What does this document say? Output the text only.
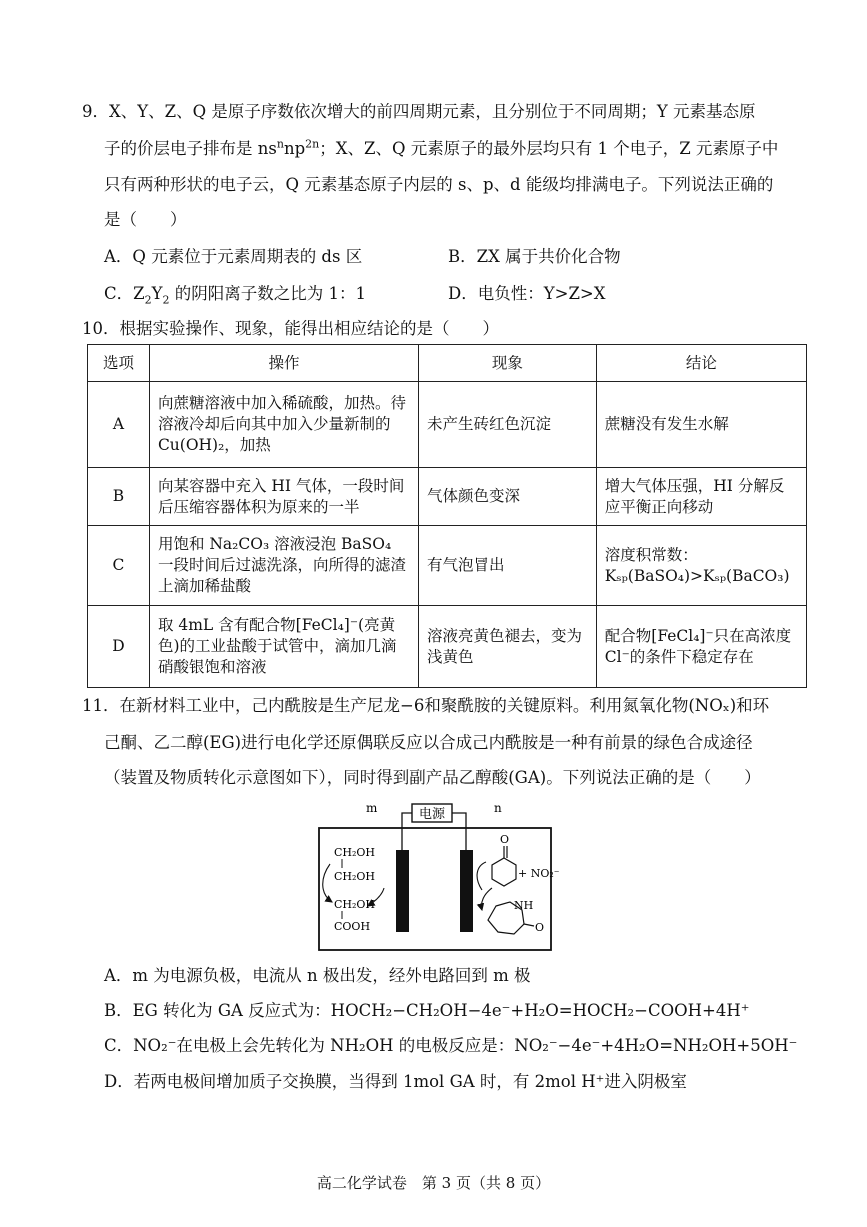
9．X、Y、Z、Q 是原子序数依次增大的前四周期元素，且分别位于不同周期；Y 元素基态原
子的价层电子排布是 $ns^nnp^{2n}$；X、Z、Q 元素原子的最外层均只有 1 个电子，Z 元素原子中
只有两种形状的电子云，Q 元素基态原子内层的 s、p、d 能级均排满电子。下列说法正确的
是（　　）
A．Q 元素位于元素周期表的 ds 区	B．ZX 属于共价化合物
C．$Z_2Y_2$ 的阴阳离子数之比为 1：1	D．电负性：Y>Z>X
10．根据实验操作、现象，能得出相应结论的是（　　）
选项	操作	现象	结论
A	向蔗糖溶液中加入稀硫酸，加热。待溶液冷却后向其中加入少量新制的 Cu(OH)₂，加热	未产生砖红色沉淀	蔗糖没有发生水解
B	向某容器中充入 HI 气体，一段时间后压缩容器体积为原来的一半	气体颜色变深	增大气体压强，HI 分解反应平衡正向移动
C	用饱和 Na₂CO₃ 溶液浸泡 BaSO₄ 一段时间后过滤洗涤，向所得的滤渣上滴加稀盐酸	有气泡冒出	溶度积常数：Kₛₚ(BaSO₄)>Kₛₚ(BaCO₃)
D	取 4mL 含有配合物[FeCl₄]⁻(亮黄色)的工业盐酸于试管中，滴加几滴硝酸银饱和溶液	溶液亮黄色褪去，变为浅黄色	配合物[FeCl₄]⁻只在高浓度 Cl⁻的条件下稳定存在
11．在新材料工业中，己内酰胺是生产尼龙−6和聚酰胺的关键原料。利用氮氧化物(NOₓ)和环
己酮、乙二醇(EG)进行电化学还原偶联反应以合成己内酰胺是一种有前景的绿色合成途径
（装置及物质转化示意图如下），同时得到副产品乙醇酸(GA)。下列说法正确的是（　　）
电源
m	n
CH₂OH
CH₂OH
CH₂OH
COOH
O
+ NO₂⁻
NH
O
A．m 为电源负极，电流从 n 极出发，经外电路回到 m 极
B．EG 转化为 GA 反应式为：HOCH₂−CH₂OH−4e⁻+H₂O=HOCH₂−COOH+4H⁺
C．NO₂⁻在电极上会先转化为 NH₂OH 的电极反应是：NO₂⁻−4e⁻+4H₂O=NH₂OH+5OH⁻
D．若两电极间增加质子交换膜，当得到 1mol GA 时，有 2mol H⁺进入阴极室
高二化学试卷　第 3 页（共 8 页）
